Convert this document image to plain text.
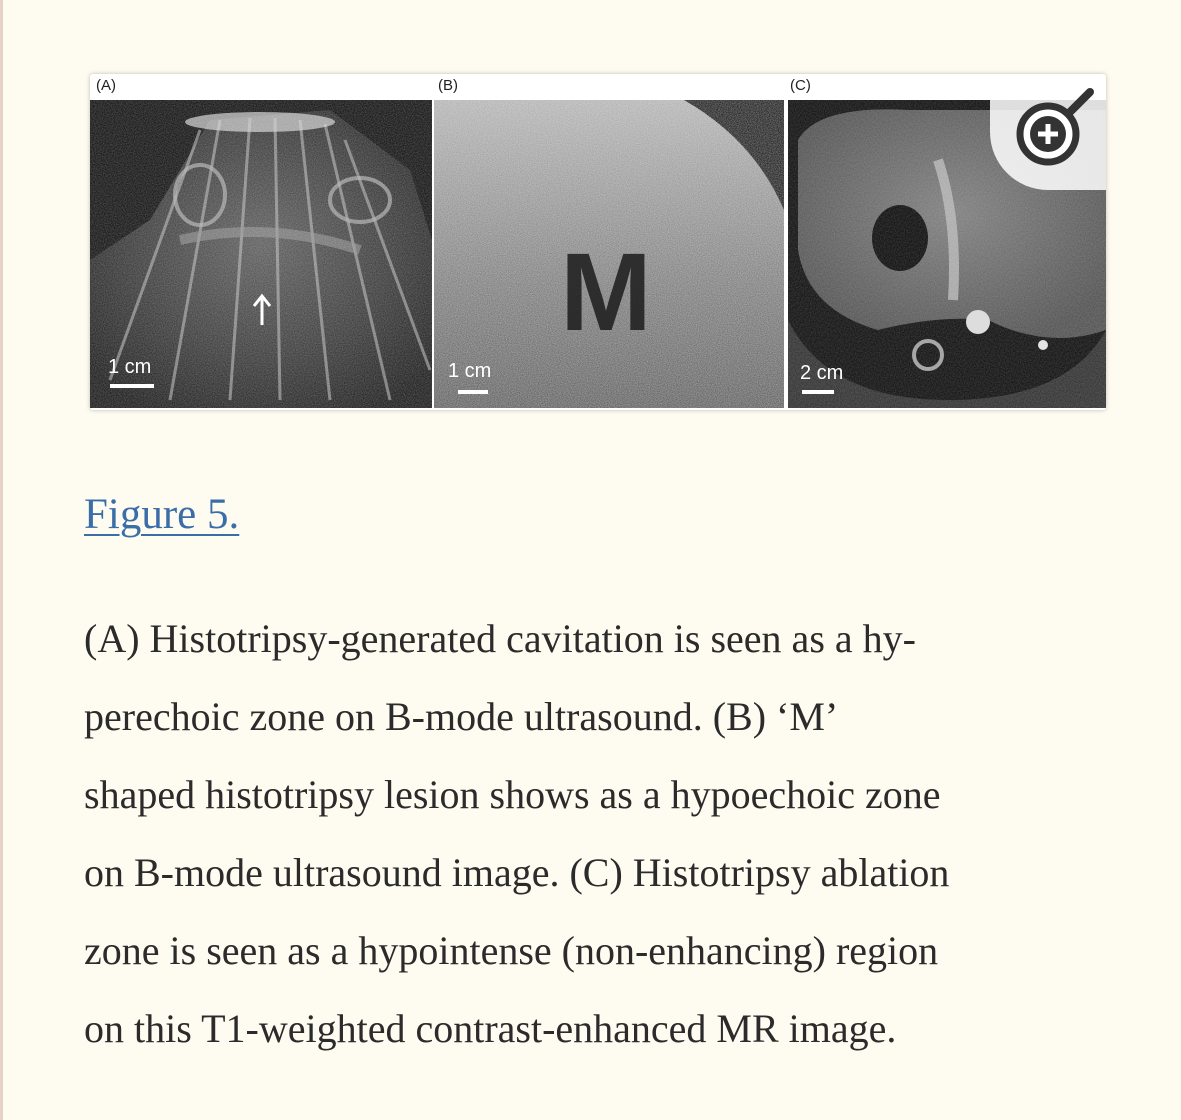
(A)
1 cm
(B)
M
1 cm
(C)
2 cm
Figure 5.
(A) Histotripsy-generated cavitation is seen as a hy-
perechoic zone on B-mode ultrasound. (B) ‘M’
shaped histotripsy lesion shows as a hypoechoic zone
on B-mode ultrasound image. (C) Histotripsy ablation
zone is seen as a hypointense (non-enhancing) region
on this T1-weighted contrast-enhanced MR image.
